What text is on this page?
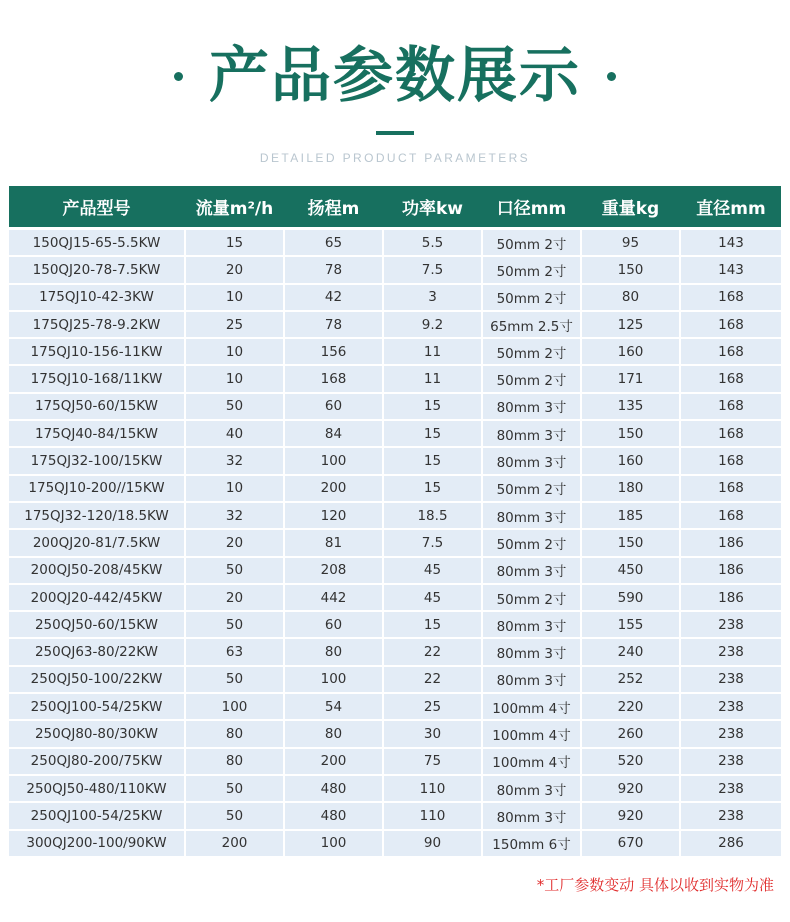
产品参数展示
DETAILED PRODUCT PARAMETERS
产品型号	流量m²/h	扬程m	功率kw	口径mm	重量kg	直径mm
150QJ15-65-5.5KW	15	65	5.5	50mm 2寸	95	143
150QJ20-78-7.5KW	20	78	7.5	50mm 2寸	150	143
175QJ10-42-3KW	10	42	3	50mm 2寸	80	168
175QJ25-78-9.2KW	25	78	9.2	65mm 2.5寸	125	168
175QJ10-156-11KW	10	156	11	50mm 2寸	160	168
175QJ10-168/11KW	10	168	11	50mm 2寸	171	168
175QJ50-60/15KW	50	60	15	80mm 3寸	135	168
175QJ40-84/15KW	40	84	15	80mm 3寸	150	168
175QJ32-100/15KW	32	100	15	80mm 3寸	160	168
175QJ10-200//15KW	10	200	15	50mm 2寸	180	168
175QJ32-120/18.5KW	32	120	18.5	80mm 3寸	185	168
200QJ20-81/7.5KW	20	81	7.5	50mm 2寸	150	186
200QJ50-208/45KW	50	208	45	80mm 3寸	450	186
200QJ20-442/45KW	20	442	45	50mm 2寸	590	186
250QJ50-60/15KW	50	60	15	80mm 3寸	155	238
250QJ63-80/22KW	63	80	22	80mm 3寸	240	238
250QJ50-100/22KW	50	100	22	80mm 3寸	252	238
250QJ100-54/25KW	100	54	25	100mm 4寸	220	238
250QJ80-80/30KW	80	80	30	100mm 4寸	260	238
250QJ80-200/75KW	80	200	75	100mm 4寸	520	238
250QJ50-480/110KW	50	480	110	80mm 3寸	920	238
250QJ100-54/25KW	50	480	110	80mm 3寸	920	238
300QJ200-100/90KW	200	100	90	150mm 6寸	670	286
*工厂参数变动 具体以收到实物为准
